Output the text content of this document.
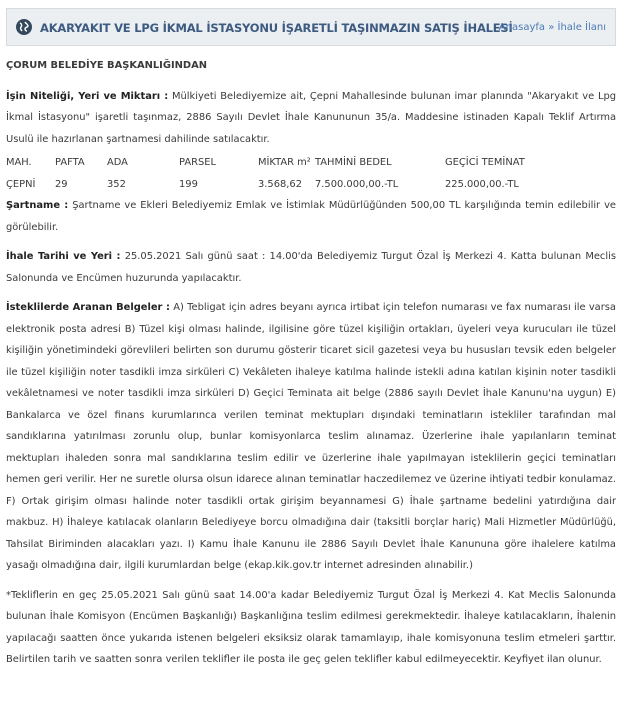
AKARYAKIT VE LPG İKMAL İSTASYONU İŞARETLİ TAŞINMAZIN SATIŞ İHALESİ
Anasayfa » İhale İlanı

ÇORUM BELEDİYE BAŞKANLIĞINDAN

İşin Niteliği, Yeri ve Miktarı : Mülkiyeti Belediyemize ait, Çepni Mahallesinde bulunan imar planında "Akaryakıt ve Lpg İkmal İstasyonu" işaretli taşınmaz, 2886 Sayılı Devlet İhale Kanununun 35/a. Maddesine istinaden Kapalı Teklif Artırma Usulü ile hazırlanan şartnamesi dahilinde satılacaktır.

MAH.	PAFTA	ADA	PARSEL	MİKTAR m²	TAHMİNİ BEDEL	GEÇİCİ TEMİNAT
ÇEPNİ	29	352	199	3.568,62	7.500.000,00.-TL	225.000,00.-TL

Şartname : Şartname ve Ekleri Belediyemiz Emlak ve İstimlak Müdürlüğünden 500,00 TL karşılığında temin edilebilir ve görülebilir.

İhale Tarihi ve Yeri : 25.05.2021 Salı günü saat : 14.00'da Belediyemiz Turgut Özal İş Merkezi 4. Katta bulunan Meclis Salonunda ve Encümen huzurunda yapılacaktır.

İsteklilerde Aranan Belgeler : A) Tebligat için adres beyanı ayrıca irtibat için telefon numarası ve fax numarası ile varsa elektronik posta adresi B) Tüzel kişi olması halinde, ilgilisine göre tüzel kişiliğin ortakları, üyeleri veya kurucuları ile tüzel kişiliğin yönetimindeki görevlileri belirten son durumu gösterir ticaret sicil gazetesi veya bu hususları tevsik eden belgeler ile tüzel kişiliğin noter tasdikli imza sirküleri C) Vekâleten ihaleye katılma halinde istekli adına katılan kişinin noter tasdikli vekâletnamesi ve noter tasdikli imza sirküleri D) Geçici Teminata ait belge (2886 sayılı Devlet İhale Kanunu'na uygun) E) Bankalarca ve özel finans kurumlarınca verilen teminat mektupları dışındaki teminatların istekliler tarafından mal sandıklarına yatırılması zorunlu olup, bunlar komisyonlarca teslim alınamaz. Üzerlerine ihale yapılanların teminat mektupları ihaleden sonra mal sandıklarına teslim edilir ve üzerlerine ihale yapılmayan isteklilerin geçici teminatları hemen geri verilir. Her ne suretle olursa olsun idarece alınan teminatlar haczedilemez ve üzerine ihtiyati tedbir konulamaz. F) Ortak girişim olması halinde noter tasdikli ortak girişim beyannamesi G) İhale şartname bedelini yatırdığına dair makbuz. H) İhaleye katılacak olanların Belediyeye borcu olmadığına dair (taksitli borçlar hariç) Mali Hizmetler Müdürlüğü, Tahsilat Biriminden alacakları yazı. I) Kamu İhale Kanunu ile 2886 Sayılı Devlet İhale Kanununa göre ihalelere katılma yasağı olmadığına dair, ilgili kurumlardan belge (ekap.kik.gov.tr internet adresinden alınabilir.)

*Tekliflerin en geç 25.05.2021 Salı günü saat 14.00'a kadar Belediyemiz Turgut Özal İş Merkezi 4. Kat Meclis Salonunda bulunan İhale Komisyon (Encümen Başkanlığı) Başkanlığına teslim edilmesi gerekmektedir. İhaleye katılacakların, İhalenin yapılacağı saatten önce yukarıda istenen belgeleri eksiksiz olarak tamamlayıp, ihale komisyonuna teslim etmeleri şarttır. Belirtilen tarih ve saatten sonra verilen teklifler ile posta ile geç gelen teklifler kabul edilmeyecektir. Keyfiyet ilan olunur.
